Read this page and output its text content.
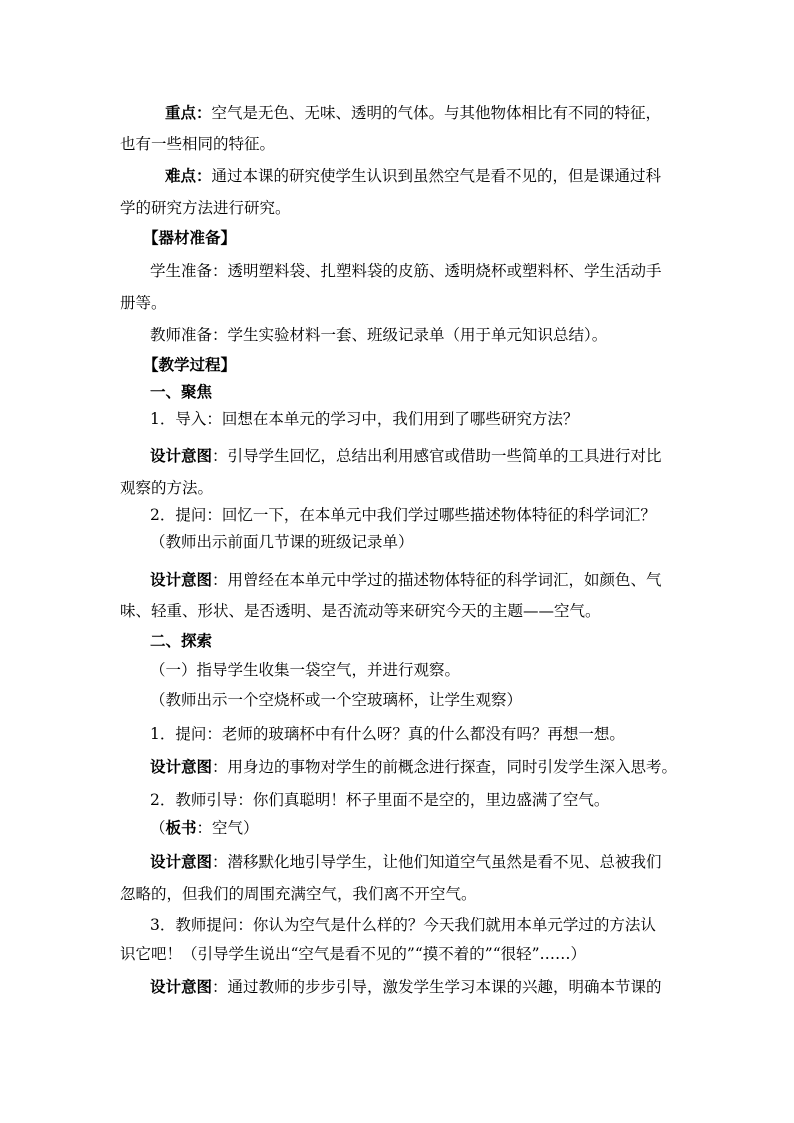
重点：空气是无色、无味、透明的气体。与其他物体相比有不同的特征，
也有一些相同的特征。
难点：通过本课的研究使学生认识到虽然空气是看不见的，但是课通过科
学的研究方法进行研究。
【器材准备】
学生准备：透明塑料袋、扎塑料袋的皮筋、透明烧杯或塑料杯、学生活动手
册等。
教师准备：学生实验材料一套、班级记录单（用于单元知识总结）。
【教学过程】
一、聚焦
1．导入：回想在本单元的学习中，我们用到了哪些研究方法？
设计意图：引导学生回忆，总结出利用感官或借助一些简单的工具进行对比
观察的方法。
2．提问：回忆一下，在本单元中我们学过哪些描述物体特征的科学词汇？
（教师出示前面几节课的班级记录单）
设计意图：用曾经在本单元中学过的描述物体特征的科学词汇，如颜色、气
味、轻重、形状、是否透明、是否流动等来研究今天的主题——空气。
二、探索
（一）指导学生收集一袋空气，并进行观察。
（教师出示一个空烧杯或一个空玻璃杯，让学生观察）
1．提问：老师的玻璃杯中有什么呀？真的什么都没有吗？再想一想。
设计意图：用身边的事物对学生的前概念进行探查，同时引发学生深入思考。
2．教师引导：你们真聪明！杯子里面不是空的，里边盛满了空气。
（板书：空气）
设计意图：潜移默化地引导学生，让他们知道空气虽然是看不见、总被我们
忽略的，但我们的周围充满空气，我们离不开空气。
3．教师提问：你认为空气是什么样的？今天我们就用本单元学过的方法认
识它吧！（引导学生说出“空气是看不见的”“摸不着的”“很轻”……）
设计意图：通过教师的步步引导，激发学生学习本课的兴趣，明确本节课的
